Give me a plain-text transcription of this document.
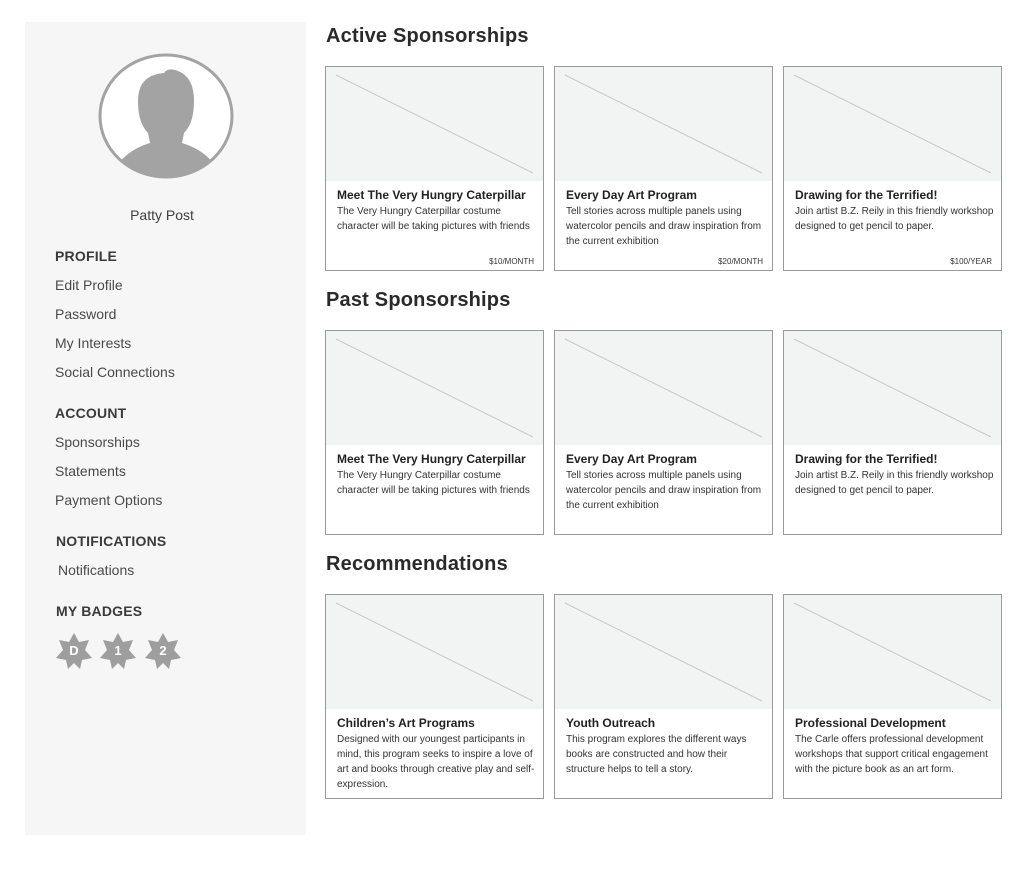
Patty Post
PROFILE
Edit Profile
Password
My Interests
Social Connections
ACCOUNT
Sponsorships
Statements
Payment Options
NOTIFICATIONS
Notifications
MY BADGES
D	1	2
Active Sponsorships
Meet The Very Hungry Caterpillar
The Very Hungry Caterpillar costume character will be taking pictures with friends
$10/MONTH
Every Day Art Program
Tell stories across multiple panels using watercolor pencils and draw inspiration from the current exhibition
$20/MONTH
Drawing for the Terrified!
Join artist B.Z. Reily in this friendly workshop designed to get pencil to paper.
$100/YEAR
Past Sponsorships
Meet The Very Hungry Caterpillar
The Very Hungry Caterpillar costume character will be taking pictures with friends
Every Day Art Program
Tell stories across multiple panels using watercolor pencils and draw inspiration from the current exhibition
Drawing for the Terrified!
Join artist B.Z. Reily in this friendly workshop designed to get pencil to paper.
Recommendations
Children’s Art Programs
Designed with our youngest participants in mind, this program seeks to inspire a love of art and books through creative play and self-expression.
Youth Outreach
This program explores the different ways books are constructed and how their structure helps to tell a story.
Professional Development
The Carle offers professional development workshops that support critical engagement with the picture book as an art form.
